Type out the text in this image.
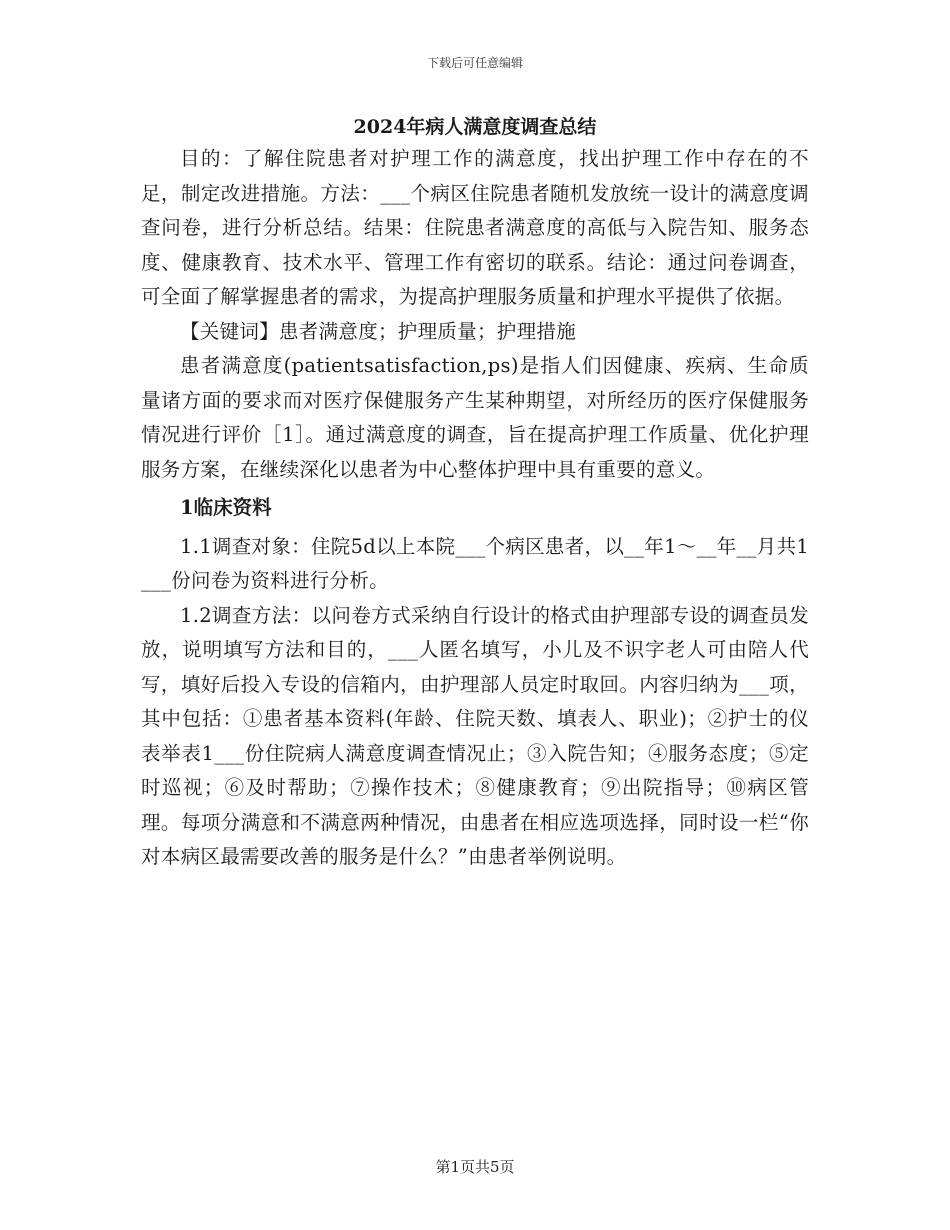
下载后可任意编辑
2024年病人满意度调查总结

目的：了解住院患者对护理工作的满意度，找出护理工作中存在的不足，制定改进措施。方法：___个病区住院患者随机发放统一设计的满意度调查问卷，进行分析总结。结果：住院患者满意度的高低与入院告知、服务态度、健康教育、技术水平、管理工作有密切的联系。结论：通过问卷调查，可全面了解掌握患者的需求，为提高护理服务质量和护理水平提供了依据。

【关键词】患者满意度；护理质量；护理措施

患者满意度(patientsatisfaction,ps)是指人们因健康、疾病、生命质量诸方面的要求而对医疗保健服务产生某种期望，对所经历的医疗保健服务情况进行评价［1］。通过满意度的调查，旨在提高护理工作质量、优化护理服务方案，在继续深化以患者为中心整体护理中具有重要的意义。

1临床资料

1.1调查对象：住院5d以上本院___个病区患者，以__年1～__年__月共1___份问卷为资料进行分析。

1.2调查方法：以问卷方式采纳自行设计的格式由护理部专设的调查员发放，说明填写方法和目的，___人匿名填写，小儿及不识字老人可由陪人代写，填好后投入专设的信箱内，由护理部人员定时取回。内容归纳为___项，其中包括：①患者基本资料(年龄、住院天数、填表人、职业)；②护士的仪表举表1___份住院病人满意度调查情况止；③入院告知；④服务态度；⑤定时巡视；⑥及时帮助；⑦操作技术；⑧健康教育；⑨出院指导；⑩病区管理。每项分满意和不满意两种情况，由患者在相应选项选择，同时设一栏“你对本病区最需要改善的服务是什么？”由患者举例说明。

第1页共5页
